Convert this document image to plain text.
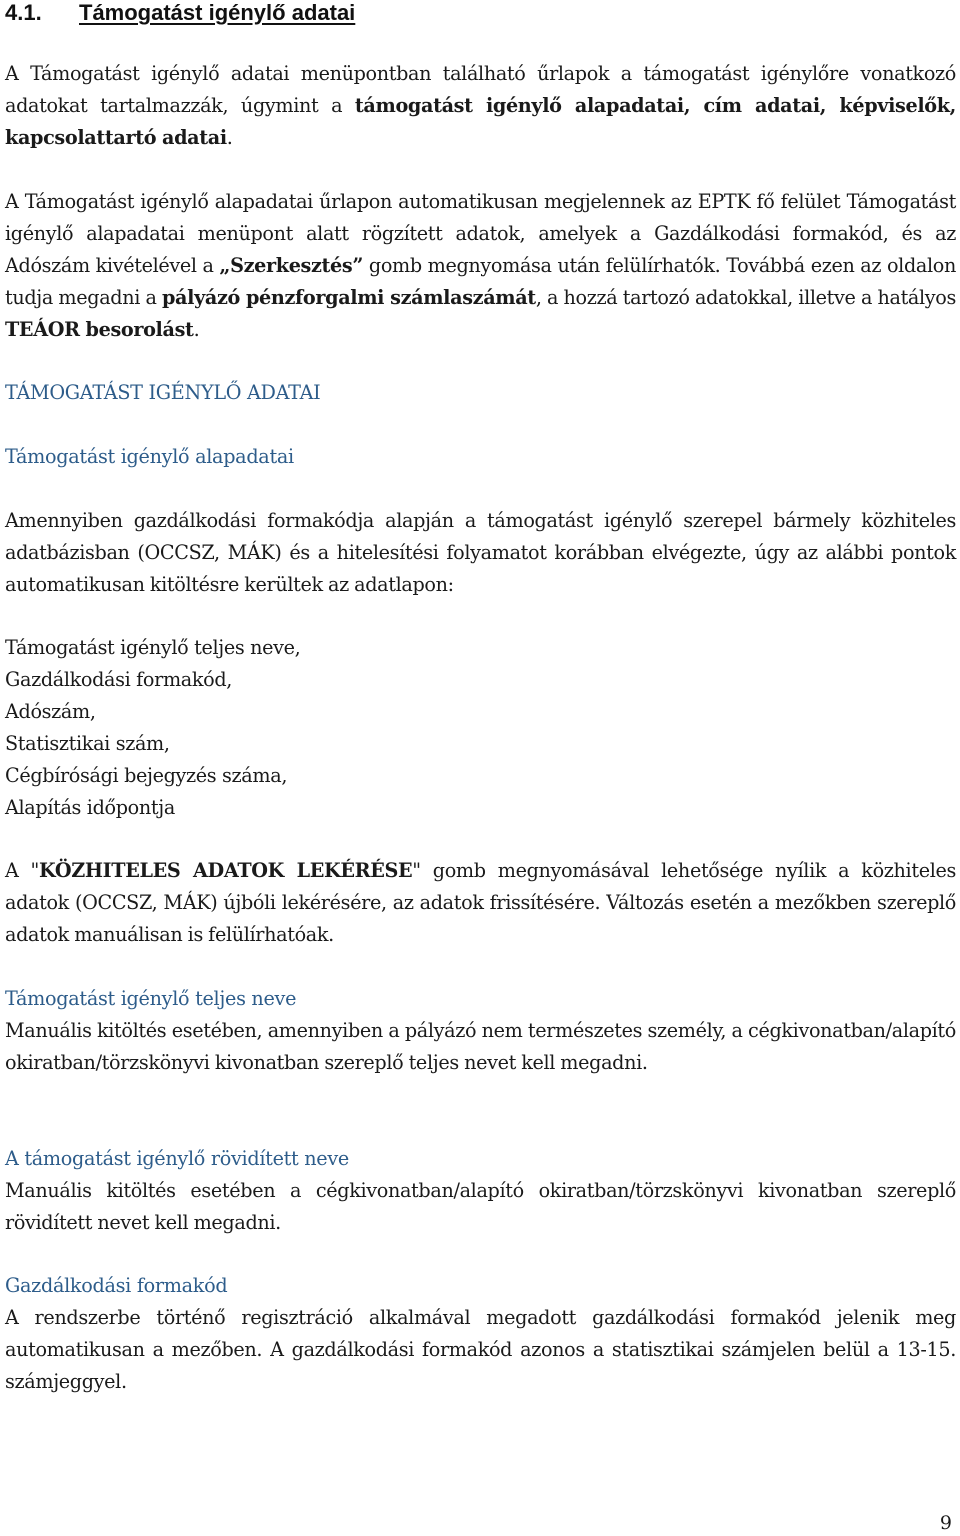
4.1. Támogatást igénylő adatai

A Támogatást igénylő adatai menüpontban található űrlapok a támogatást igénylőre vonatkozó adatokat tartalmazzák, úgymint a támogatást igénylő alapadatai, cím adatai, képviselők, kapcsolattartó adatai.

A Támogatást igénylő alapadatai űrlapon automatikusan megjelennek az EPTK fő felület Támogatást igénylő alapadatai menüpont alatt rögzített adatok, amelyek a Gazdálkodási formakód, és az Adószám kivételével a „Szerkesztés” gomb megnyomása után felülírhatók. Továbbá ezen az oldalon tudja megadni a pályázó pénzforgalmi számlaszámát, a hozzá tartozó adatokkal, illetve a hatályos TEÁOR besorolást.

TÁMOGATÁST IGÉNYLŐ ADATAI
Támogatást igénylő alapadatai

Amennyiben gazdálkodási formakódja alapján a támogatást igénylő szerepel bármely közhiteles adatbázisban (OCCSZ, MÁK) és a hitelesítési folyamatot korábban elvégezte, úgy az alábbi pontok automatikusan kitöltésre kerültek az adatlapon:

Támogatást igénylő teljes neve,
Gazdálkodási formakód,
Adószám,
Statisztikai szám,
Cégbírósági bejegyzés száma,
Alapítás időpontja

A "KÖZHITELES ADATOK LEKÉRÉSE" gomb megnyomásával lehetősége nyílik a közhiteles adatok (OCCSZ, MÁK) újbóli lekérésére, az adatok frissítésére. Változás esetén a mezőkben szereplő adatok manuálisan is felülírhatóak.

Támogatást igénylő teljes neve

Manuális kitöltés esetében, amennyiben a pályázó nem természetes személy, a cégkivonatban/alapító okiratban/törzskönyvi kivonatban szereplő teljes nevet kell megadni.

A támogatást igénylő rövidített neve

Manuális kitöltés esetében a cégkivonatban/alapító okiratban/törzskönyvi kivonatban szereplő rövidített nevet kell megadni.

Gazdálkodási formakód

A rendszerbe történő regisztráció alkalmával megadott gazdálkodási formakód jelenik meg automatikusan a mezőben. A gazdálkodási formakód azonos a statisztikai számjelen belül a 13-15. számjeggyel.

9
